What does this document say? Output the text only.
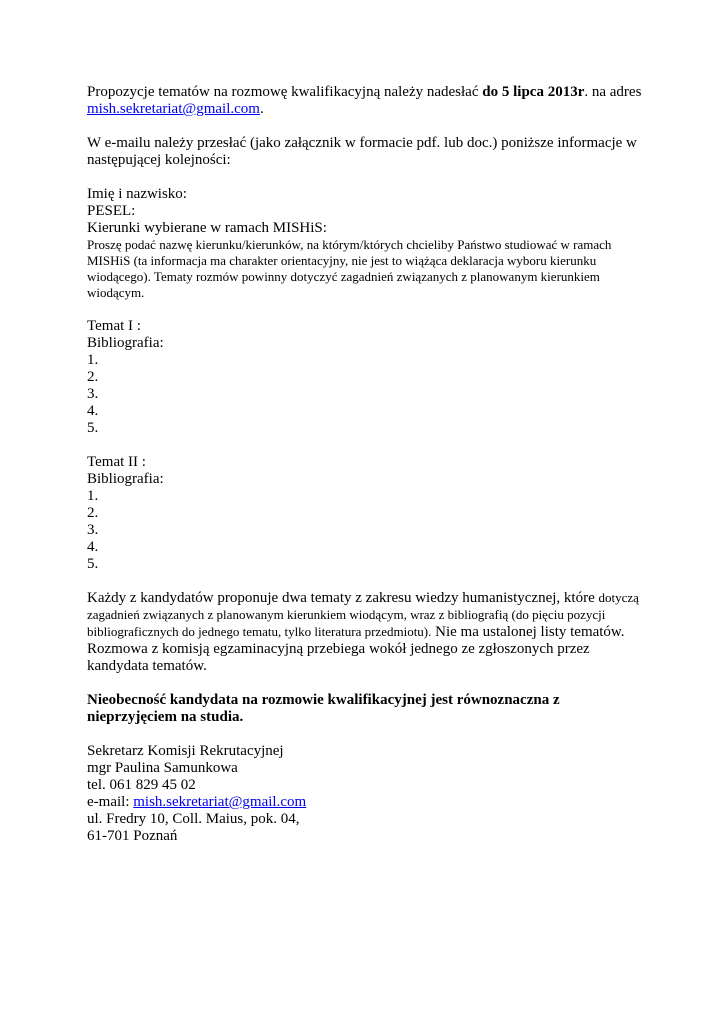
Propozycje tematów na rozmowę kwalifikacyjną należy nadesłać do 5 lipca 2013r. na adres mish.sekretariat@gmail.com.

W e-mailu należy przesłać (jako załącznik w formacie pdf. lub doc.) poniższe informacje w następującej kolejności:

Imię i nazwisko:

PESEL:

Kierunki wybierane w ramach MISHiS:

Proszę podać nazwę kierunku/kierunków, na którym/których chcieliby Państwo studiować w ramach MISHiS (ta informacja ma charakter orientacyjny, nie jest to wiążąca deklaracja wyboru kierunku wiodącego). Tematy rozmów powinny dotyczyć zagadnień związanych z planowanym kierunkiem wiodącym.

Temat I :

Bibliografia:

1.

2.

3.

4.

5.

Temat II :

Bibliografia:

1.

2.

3.

4.

5.

Każdy z kandydatów proponuje dwa tematy z zakresu wiedzy humanistycznej, które dotyczą zagadnień związanych z planowanym kierunkiem wiodącym, wraz z bibliografią (do pięciu pozycji bibliograficznych do jednego tematu, tylko literatura przedmiotu). Nie ma ustalonej listy tematów. Rozmowa z komisją egzaminacyjną przebiega wokół jednego ze zgłoszonych przez kandydata tematów.

Nieobecność kandydata na rozmowie kwalifikacyjnej jest równoznaczna z nieprzyjęciem na studia.

Sekretarz Komisji Rekrutacyjnej

mgr Paulina Samunkowa

tel. 061 829 45 02

e-mail: mish.sekretariat@gmail.com

ul. Fredry 10, Coll. Maius, pok. 04,

61-701 Poznań
